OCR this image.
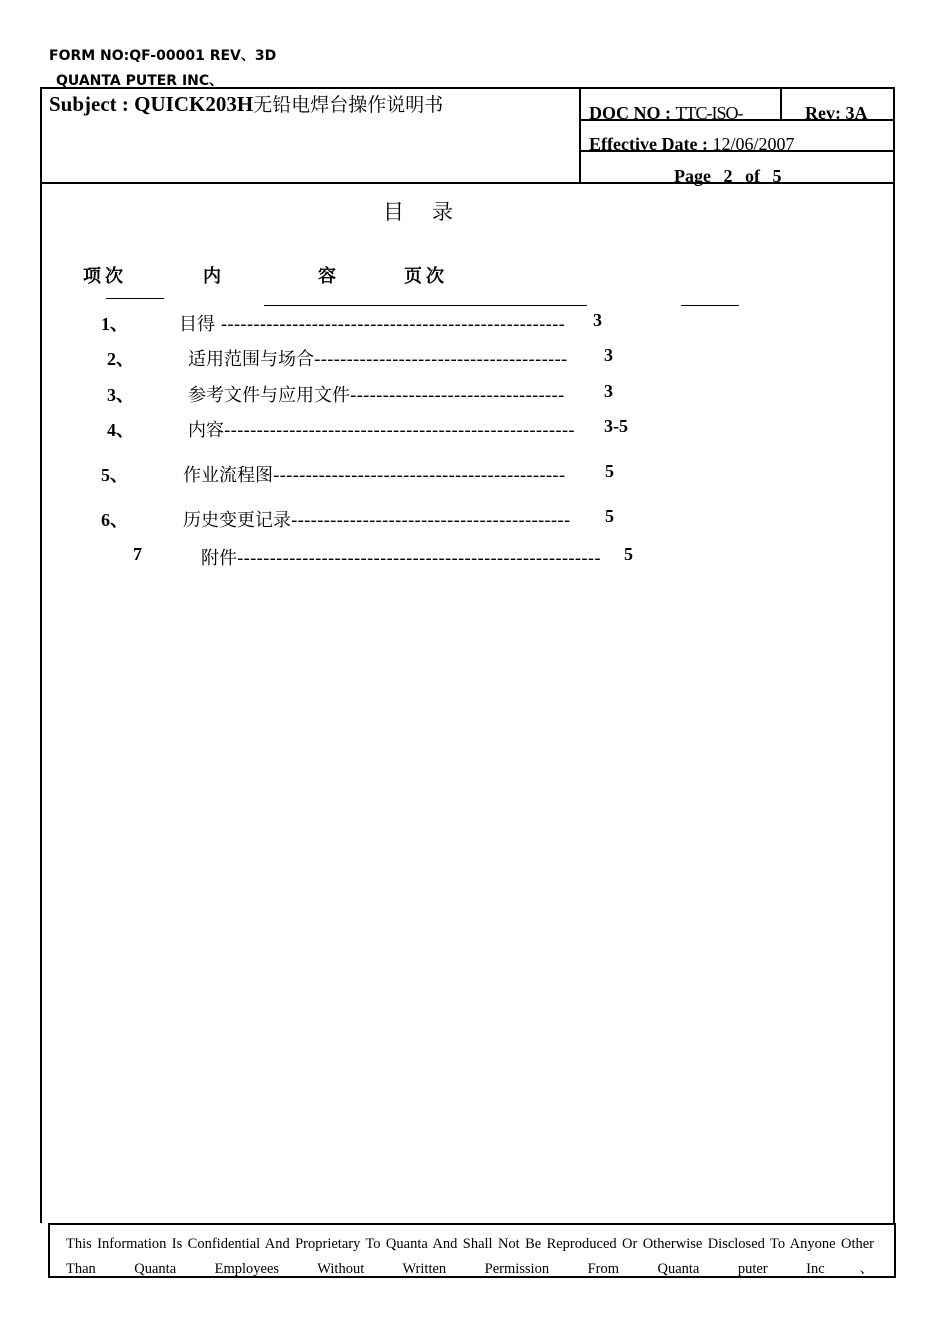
FORM NO:QF-00001 REV、3D
QUANTA PUTER INC、
Subject : QUICK203H无铅电焊台操作说明书	DOC NO : TTC-ISO-	Rev: 3A
Effective Date : 12/06/2007
Page 2 of 5
目录
项次	内	容	页次
1、	目得 ----------------------------------------------------- 3
2、	适用范围与场合--------------------------------------- 3
3、	参考文件与应用文件--------------------------------- 3
4、	内容------------------------------------------------------ 3-5
5、	作业流程图--------------------------------------------- 5
6、	历史变更记录------------------------------------------- 5
7	附件-------------------------------------------------------- 5
This Information Is Confidential And Proprietary To Quanta And Shall Not Be Reproduced Or Otherwise Disclosed To Anyone Other Than Quanta Employees Without Written Permission From Quanta puter Inc、
